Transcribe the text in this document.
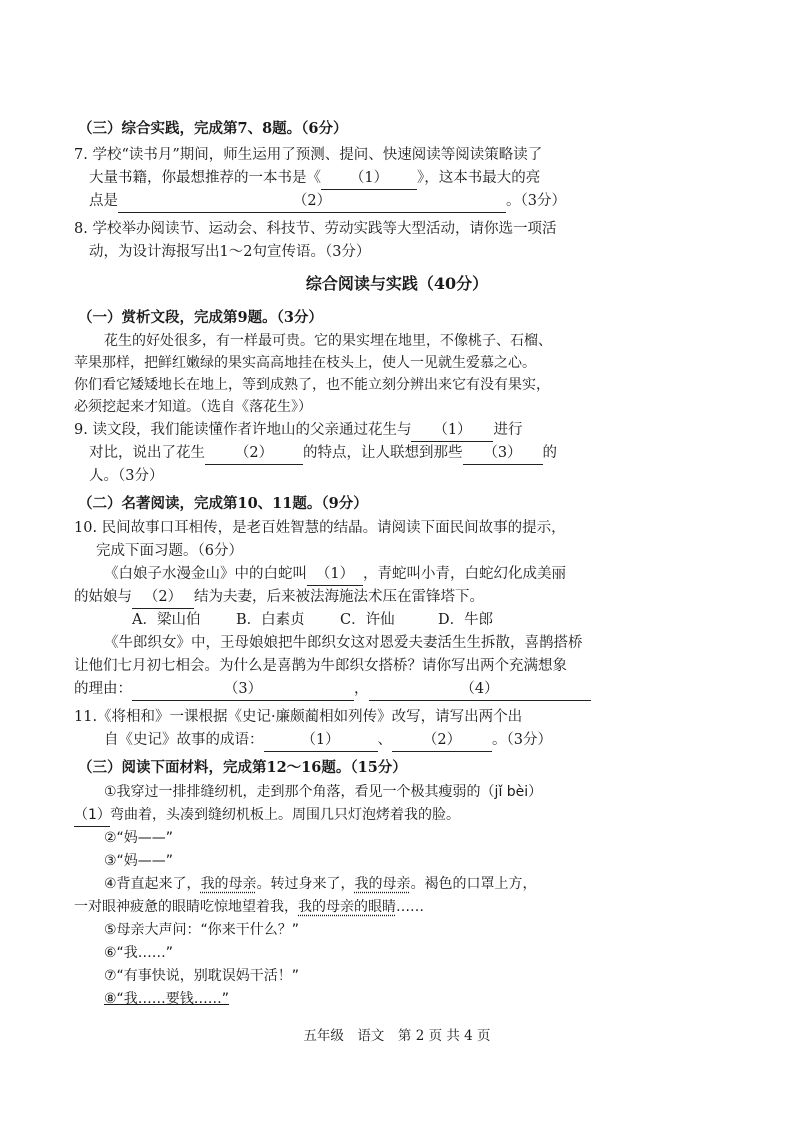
（三）综合实践，完成第7、8题。（6分）
7. 学校“读书月”期间，师生运用了预测、提问、快速阅读等阅读策略读了
大量书籍，你最想推荐的一本书是《 （1） 》，这本书最大的亮
点是	（2）	。（3分）
8. 学校举办阅读节、运动会、科技节、劳动实践等大型活动，请你选一项活
动，为设计海报写出1～2句宣传语。（3分）
综合阅读与实践（40分）
（一）赏析文段，完成第9题。（3分）
花生的好处很多，有一样最可贵。它的果实埋在地里，不像桃子、石榴、
苹果那样，把鲜红嫩绿的果实高高地挂在枝头上，使人一见就生爱慕之心。
你们看它矮矮地长在地上，等到成熟了，也不能立刻分辨出来它有没有果实，
必须挖起来才知道。（选自《落花生》）
9. 读文段，我们能读懂作者许地山的父亲通过花生与 （1） 进行
对比，说出了花生 （2） 的特点，让人联想到那些 （3） 的
人。（3分）
（二）名著阅读，完成第10、11题。（9分）
10. 民间故事口耳相传，是老百姓智慧的结晶。请阅读下面民间故事的提示，
完成下面习题。（6分）
《白娘子水漫金山》中的白蛇叫 （1） ，青蛇叫小青，白蛇幻化成美丽
的姑娘与 （2） 结为夫妻，后来被法海施法术压在雷锋塔下。
A．梁山伯 B．白素贞 C．许仙	D．牛郎
《牛郎织女》中，王母娘娘把牛郎织女这对恩爱夫妻活生生拆散，喜鹊搭桥
让他们七月初七相会。为什么是喜鹊为牛郎织女搭桥？请你写出两个充满想象
的理由：	（3）	，	（4）
11.《将相和》一课根据《史记·廉颇蔺相如列传》改写，请写出两个出
自《史记》故事的成语：	（1）	、 （2） 。（3分）
（三）阅读下面材料，完成第12～16题。（15分）
①我穿过一排排缝纫机，走到那个角落，看见一个极其瘦弱的（jǐ bèi）
（1）弯曲着，头凑到缝纫机板上。周围几只灯泡烤着我的脸。
②“妈——”
③“妈——”
④背直起来了，我的母亲。转过身来了，我的母亲。褐色的口罩上方，
一对眼神疲惫的眼睛吃惊地望着我，我的母亲的眼睛……
⑤母亲大声问：“你来干什么？”
⑥“我……”
⑦“有事快说，别耽误妈干活！”
⑧“我……要钱……”
五年级　语文　第 2 页 共 4 页
